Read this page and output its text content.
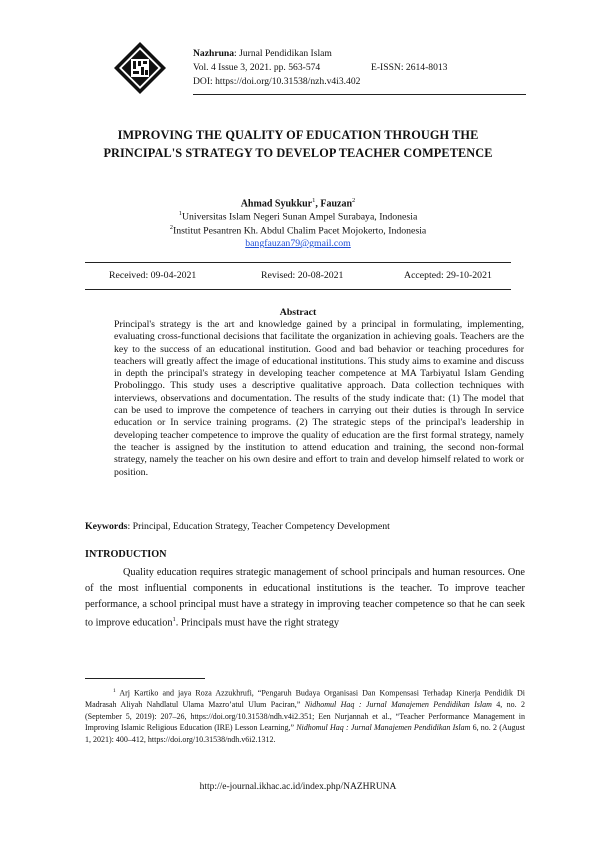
Nazhruna: Jurnal Pendidikan Islam
Vol. 4 Issue 3, 2021. pp. 563-574	E-ISSN: 2614-8013
DOI: https://doi.org/10.31538/nzh.v4i3.402
IMPROVING THE QUALITY OF EDUCATION THROUGH THE PRINCIPAL'S STRATEGY TO DEVELOP TEACHER COMPETENCE
Ahmad Syukkur$^1$, Fauzan$^2$
$^1$Universitas Islam Negeri Sunan Ampel Surabaya, Indonesia
$^2$Institut Pesantren Kh. Abdul Chalim Pacet Mojokerto, Indonesia
bangfauzan79@gmail.com
Received: 09-04-2021	Revised: 20-08-2021	Accepted: 29-10-2021
Abstract
Principal's strategy is the art and knowledge gained by a principal in formulating, implementing, evaluating cross-functional decisions that facilitate the organization in achieving goals. Teachers are the key to the success of an educational institution. Good and bad behavior or teaching procedures for teachers will greatly affect the image of educational institutions. This study aims to examine and discuss in depth the principal's strategy in developing teacher competence at MA Tarbiyatul Islam Gending Probolinggo. This study uses a descriptive qualitative approach. Data collection techniques with interviews, observations and documentation. The results of the study indicate that: (1) The model that can be used to improve the competence of teachers in carrying out their duties is through In service education or In service training programs. (2) The strategic steps of the principal's leadership in developing teacher competence to improve the quality of education are the first formal strategy, namely the teacher is assigned by the institution to attend education and training, the second non-formal strategy, namely the teacher on his own desire and effort to train and develop himself related to work or position.
Keywords: Principal, Education Strategy, Teacher Competency Development
INTRODUCTION
Quality education requires strategic management of school principals and human resources. One of the most influential components in educational institutions is the teacher. To improve teacher performance, a school principal must have a strategy in improving teacher competence so that he can seek to improve education$^1$. Principals must have the right strategy
$^1$ Arj Kartiko and jaya Roza Azzukhrufi, “Pengaruh Budaya Organisasi Dan Kompensasi Terhadap Kinerja Pendidik Di Madrasah Aliyah Nahdlatul Ulama Mazro’atul Ulum Paciran,” Nidhomul Haq : Jurnal Manajemen Pendidikan Islam 4, no. 2 (September 5, 2019): 207–26, https://doi.org/10.31538/ndh.v4i2.351; Een Nurjannah et al., “Teacher Performance Management in Improving Islamic Religious Education (IRE) Lesson Learning,” Nidhomul Haq : Jurnal Manajemen Pendidikan Islam 6, no. 2 (August 1, 2021): 400–412, https://doi.org/10.31538/ndh.v6i2.1312.
http://e-journal.ikhac.ac.id/index.php/NAZHRUNA
